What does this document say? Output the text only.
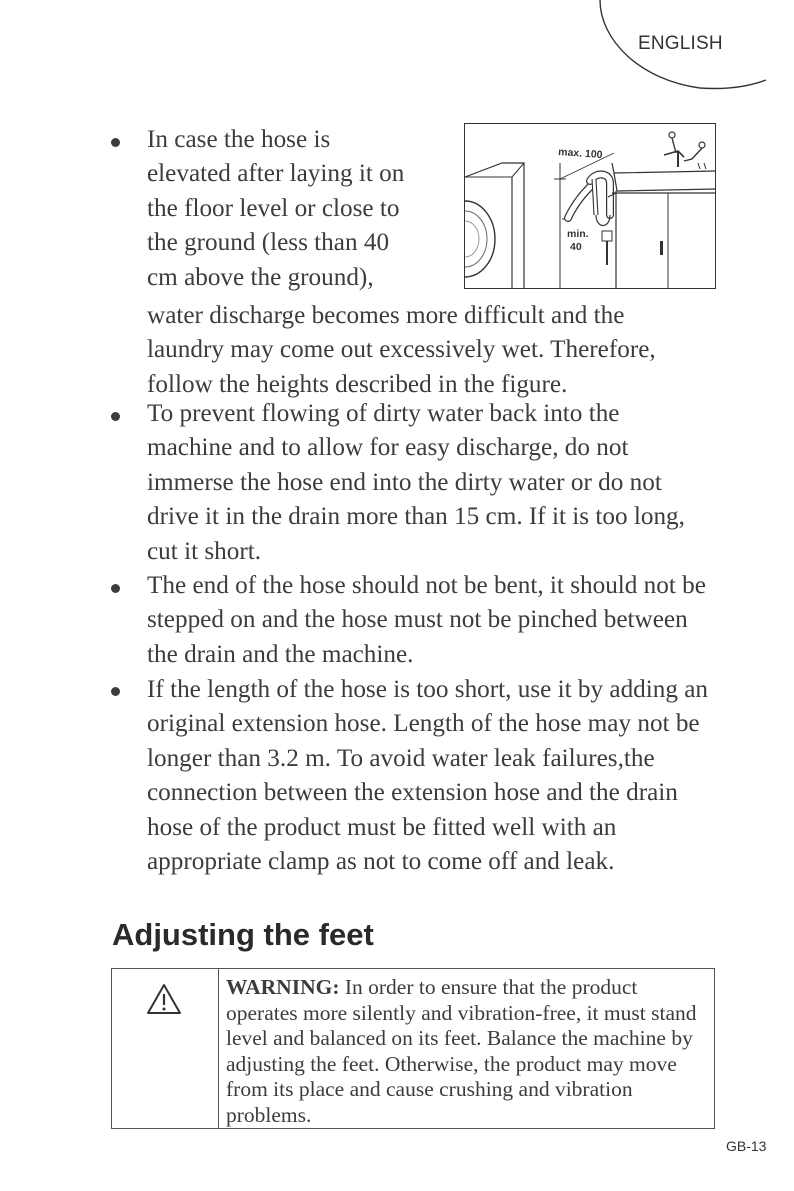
ENGLISH
In case the hose is
elevated after laying it on
the floor level or close to
the ground (less than 40
cm above the ground),
water discharge becomes more difficult and the
laundry may come out excessively wet. Therefore,
follow the heights described in the figure.
max. 100
min.
40

To prevent flowing of dirty water back into the machine and to allow for easy discharge, do not immerse the hose end into the dirty water or do not drive it in the drain more than 15 cm. If it is too long, cut it short.

The end of the hose should not be bent, it should not be stepped on and the hose must not be pinched between the drain and the machine.

If the length of the hose is too short, use it by adding an original extension hose. Length of the hose may not be longer than 3.2 m. To avoid water leak failures,the connection between the extension hose and the drain hose of the product must be fitted well with an appropriate clamp as not to come off and leak.

Adjusting the feet

WARNING: In order to ensure that the product operates more silently and vibration-free, it must stand level and balanced on its feet. Balance the machine by adjusting the feet. Otherwise, the product may move from its place and cause crushing and vibration problems.

GB-13
